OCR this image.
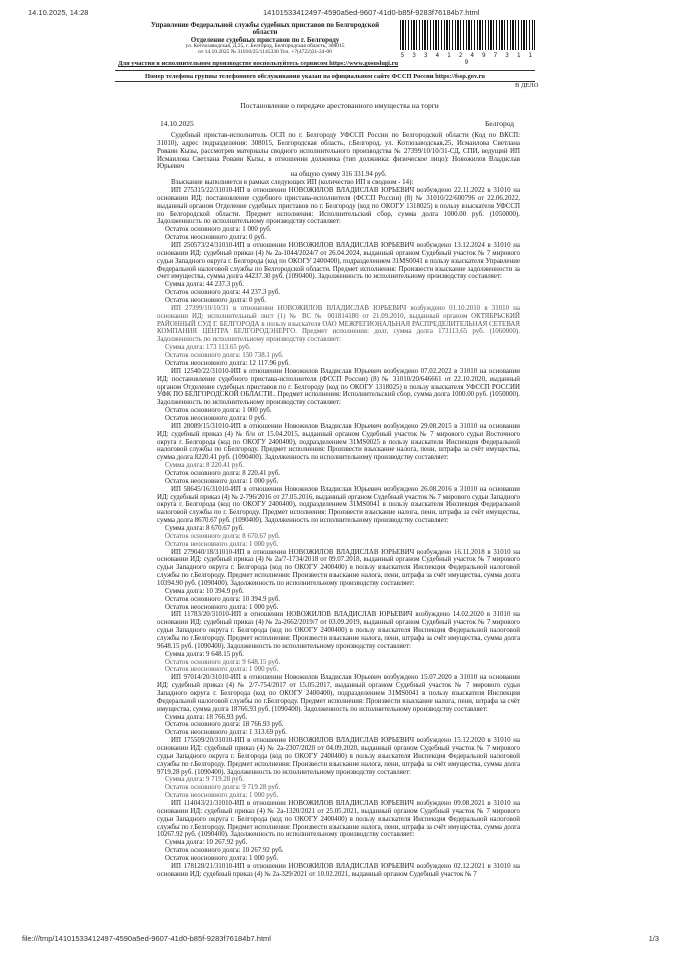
14.10.2025, 14:28	14101533412497-4590a5ed-9607-41d0-b85f-9283f76184b7.html
Управление Федеральной службы судебных приставов по Белгородской
области
Отделение судебных приставов по г. Белгороду
ул. Котлозаводская, Д.25, г. Белгород, Белгородская область, 308015
от 14.10.2025 № 31010/25/1145330 Тел. +7(4722)31-24-00
5 3 3 4 1 2 4 9 7 3 1 1 9
Для участия в исполнительном производстве воспользуйтесь сервисом https://www.gosuslugi.ru
Номер телефона группы телефонного обслуживания указан на официальном сайте ФССП России https://fssp.gov.ru
В ДЕЛО
Постановление о передаче арестованного имущества на торги
14.10.2025	Белгород

Судебный пристав-исполнитель ОСП по г. Белгороду УФССП России по Белгородской области (Код по ВКСП: 31010), адрес подразделения: 308015, Белгородская область, г.Белгород, ул. Котлозаводская,25, Исмаилова Светлана Роваин Кызы, рассмотрев материалы сводного исполнительного производства № 27399/10/10/31-СД, СПИ, ведущий ИП Исмаилова Светлана Роваин Кызы, в отношении должника (тип должника: физическое лицо): Новожилов Владислав Юрьевич

на общую сумму 316 331.94 руб.

Взыскание выполняется в рамках следующих ИП (количество ИП в сводном - 14):

ИП 275315/22/31010-ИП в отношении НОВОЖИЛОВ ВЛАДИСЛАВ ЮРЬЕВИЧ возбуждено 22.11.2022 в 31010 на основании ИД: постановление судебного пристава-исполнителя (ФССП России) (8) № 31010/22/600796 от 22.06.2022, выданный органом Отделение судебных приставов по г. Белгороду (код по ОКОГУ 1318025) в пользу взыскателя УФССП по Белгородской области. Предмет исполнения: Исполнительский сбор, сумма долга 1000.00 руб. (1050000). Задолженность по исполнительному производству составляет:

Остаток основного долга: 1 000 руб.

Остаток неосновного долга: 0 руб.

ИП 250573/24/31010-ИП в отношении НОВОЖИЛОВ ВЛАДИСЛАВ ЮРЬЕВИЧ возбуждено 13.12.2024 в 31010 на основании ИД: судебный приказ (4) № 2а-1044/2024/7 от 26.04.2024, выданный органом Судебный участок № 7 мирового судьи Западного округа г. Белгорода (код по ОКОГУ 2400400), подразделением 31MS0041 в пользу взыскателя Управление Федеральной налоговой службы по Белгородской области. Предмет исполнения: Произвести взыскание задолженности за счет имущества, сумма долга 44237.30 руб. (1090400). Задолженность по исполнительному производству составляет:

Сумма долга: 44 237.3 руб.

Остаток основного долга: 44 237.3 руб.

Остаток неосновного долга: 0 руб.

ИП 27399/10/10/31 в отношении НОВОЖИЛОВ ВЛАДИСЛАВ ЮРЬЕВИЧ возбуждено 01.10.2010 в 31010 на основании ИД: исполнительный лист (1) № ВС № 001814180 от 21.09.2010, выданный органом ОКТЯБРЬСКИЙ РАЙОННЫЙ СУД Г. БЕЛГОРОДА в пользу взыскателя ОАО МЕЖРЕГИОНАЛЬНАЯ РАСПРЕДЕЛИТЕЛЬНАЯ СЕТЕВАЯ КОМПАНИЯ ЦЕНТРА БЕЛГОРОДЭНЕРГО. Предмет исполнения: долг, сумма долга 173113.65 руб. (1060000). Задолженность по исполнительному производству составляет:

Сумма долга: 173 113.65 руб.

Остаток основного долга: 150 738.1 руб.

Остаток неосновного долга: 12 117.96 руб.

ИП 12540/22/31010-ИП в отношении Новожилов Владислав Юрьевич возбуждено 07.02.2022 в 31010 на основании ИД: постановление судебного пристава-исполнителя (ФССП России) (8) № 31010/20/646661 от 22.10.2020, выданный органом Отделение судебных приставов по г. Белгороду (код по ОКОГУ 1318025) в пользу взыскателя УФССП РОССИИ УФК ПО БЕЛГОРОДСКОЙ ОБЛАСТИ.. Предмет исполнения: Исполнительский сбор, сумма долга 1000.00 руб. (1050000). Задолженность по исполнительному производству составляет:

Остаток основного долга: 1 000 руб.

Остаток неосновного долга: 0 руб.

ИП 28089/15/31010-ИП в отношении Новожилов Владислав Юрьевич возбуждено 29.08.2015 в 31010 на основании ИД: судебный приказ (4) № б/н от 15.04.2015, выданный органом Судебный участок № 7 мирового судьи Восточного округа г. Белгорода (код по ОКОГУ 2400400), подразделением 31MS0025 в пользу взыскателя Инспекция Федеральной налоговой службы по г.Белгороду. Предмет исполнения: Произвести взыскание налога, пени, штрафа за счёт имущества, сумма долга 8220.41 руб. (1090400). Задолженность по исполнительному производству составляет:

Сумма долга: 8 220.41 руб.

Остаток основного долга: 8 220.41 руб.

Остаток неосновного долга: 1 000 руб.

ИП 58645/16/31010-ИП в отношении Новожилов Владислав Юрьевич возбуждено 26.08.2016 в 31010 на основании ИД: судебный приказ (4) № 2-796/2016 от 27.05.2016, выданный органом Судебный участок № 7 мирового судьи Западного округа г. Белгорода (код по ОКОГУ 2400400), подразделением 31MS0041 в пользу взыскателя Инспекция Федеральной налоговой службы по г. Белгороду. Предмет исполнения: Произвести взыскание налога, пени, штрафа за счёт имущества, сумма долга 8670.67 руб. (1090400). Задолженность по исполнительному производству составляет:

Сумма долга: 8 670.67 руб.

Остаток основного долга: 8 670.67 руб.

Остаток неосновного долга: 1 000 руб.

ИП 279040/18/31010-ИП в отношении НОВОЖИЛОВ ВЛАДИСЛАВ ЮРЬЕВИЧ возбуждено 16.11.2018 в 31010 на основании ИД: судебный приказ (4) № 2а/7-1734/2018 от 09.07.2018, выданный органом Судебный участок № 7 мирового судьи Западного округа г. Белгорода (код по ОКОГУ 2400400) в пользу взыскателя Инспекция Федеральной налоговой службы по г.Белгороду. Предмет исполнения: Произвести взыскание налога, пени, штрафа за счёт имущества, сумма долга 10394.90 руб. (1090400). Задолженность по исполнительному производству составляет:

Сумма долга: 10 394.9 руб.

Остаток основного долга: 10 394.9 руб.

Остаток неосновного долга: 1 000 руб.

ИП 11783/20/31010-ИП в отношении НОВОЖИЛОВ ВЛАДИСЛАВ ЮРЬЕВИЧ возбуждено 14.02.2020 в 31010 на основании ИД: судебный приказ (4) № 2а-2662/2019/7 от 03.09.2019, выданный органом Судебный участок № 7 мирового судьи Западного округа г. Белгорода (код по ОКОГУ 2400400) в пользу взыскателя Инспекция Федеральной налоговой службы по г.Белгороду. Предмет исполнения: Произвести взыскание налога, пени, штрафа за счёт имущества, сумма долга 9648.15 руб. (1090400). Задолженность по исполнительному производству составляет:

Сумма долга: 9 648.15 руб.

Остаток основного долга: 9 648.15 руб.

Остаток неосновного долга: 1 000 руб.

ИП 97014/20/31010-ИП в отношении Новожилов Владислав Юрьевич возбуждено 15.07.2020 в 31010 на основании ИД: судебный приказ (4) № 2/7-754/2017 от 15.05.2017, выданный органом Судебный участок № 7 мирового судьи Западного округа г. Белгорода (код по ОКОГУ 2400400), подразделением 31MS0041 в пользу взыскателя Инспекция Федеральной налоговой службы по г.Белгороду. Предмет исполнения: Произвести взыскание налога, пени, штрафа за счёт имущества, сумма долга 18766.93 руб. (1090400). Задолженность по исполнительному производству составляет:

Сумма долга: 18 766.93 руб.

Остаток основного долга: 18 766.93 руб.

Остаток неосновного долга: 1 313.69 руб.

ИП 175509/20/31010-ИП в отношении НОВОЖИЛОВ ВЛАДИСЛАВ ЮРЬЕВИЧ возбуждено 15.12.2020 в 31010 на основании ИД: судебный приказ (4) № 2а-2307/2020 от 04.09.2020, выданный органом Судебный участок № 7 мирового судьи Западного округа г. Белгорода (код по ОКОГУ 2400400) в пользу взыскателя Инспекция Федеральной налоговой службы по г.Белгороду. Предмет исполнения: Произвести взыскание налога, пени, штрафа за счёт имущества, сумма долга 9719.28 руб. (1090400). Задолженность по исполнительному производству составляет:

Сумма долга: 9 719.28 руб.

Остаток основного долга: 9 719.28 руб.

Остаток неосновного долга: 1 000 руб.

ИП 114043/21/31010-ИП в отношении НОВОЖИЛОВ ВЛАДИСЛАВ ЮРЬЕВИЧ возбуждено 09.08.2021 в 31010 на основании ИД: судебный приказ (4) № 2а-1320/2021 от 25.05.2021, выданный органом Судебный участок № 7 мирового судьи Западного округа г. Белгорода (код по ОКОГУ 2400400) в пользу взыскателя Инспекция Федеральной налоговой службы по г.Белгороду. Предмет исполнения: Произвести взыскание налога, пени, штрафа за счёт имущества, сумма долга 10267.92 руб. (1090400). Задолженность по исполнительному производству составляет:

Сумма долга: 10 267.92 руб.

Остаток основного долга: 10 267.92 руб.

Остаток неосновного долга: 1 000 руб.

ИП 178128/21/31010-ИП в отношении НОВОЖИЛОВ ВЛАДИСЛАВ ЮРЬЕВИЧ возбуждено 02.12.2021 в 31010 на основании ИД: судебный приказ (4) № 2а-329/2021 от 10.02.2021, выданный органом Судебный участок № 7

file:///tmp/14101533412497-4590a5ed-9607-41d0-b85f-9283f76184b7.html	1/3
